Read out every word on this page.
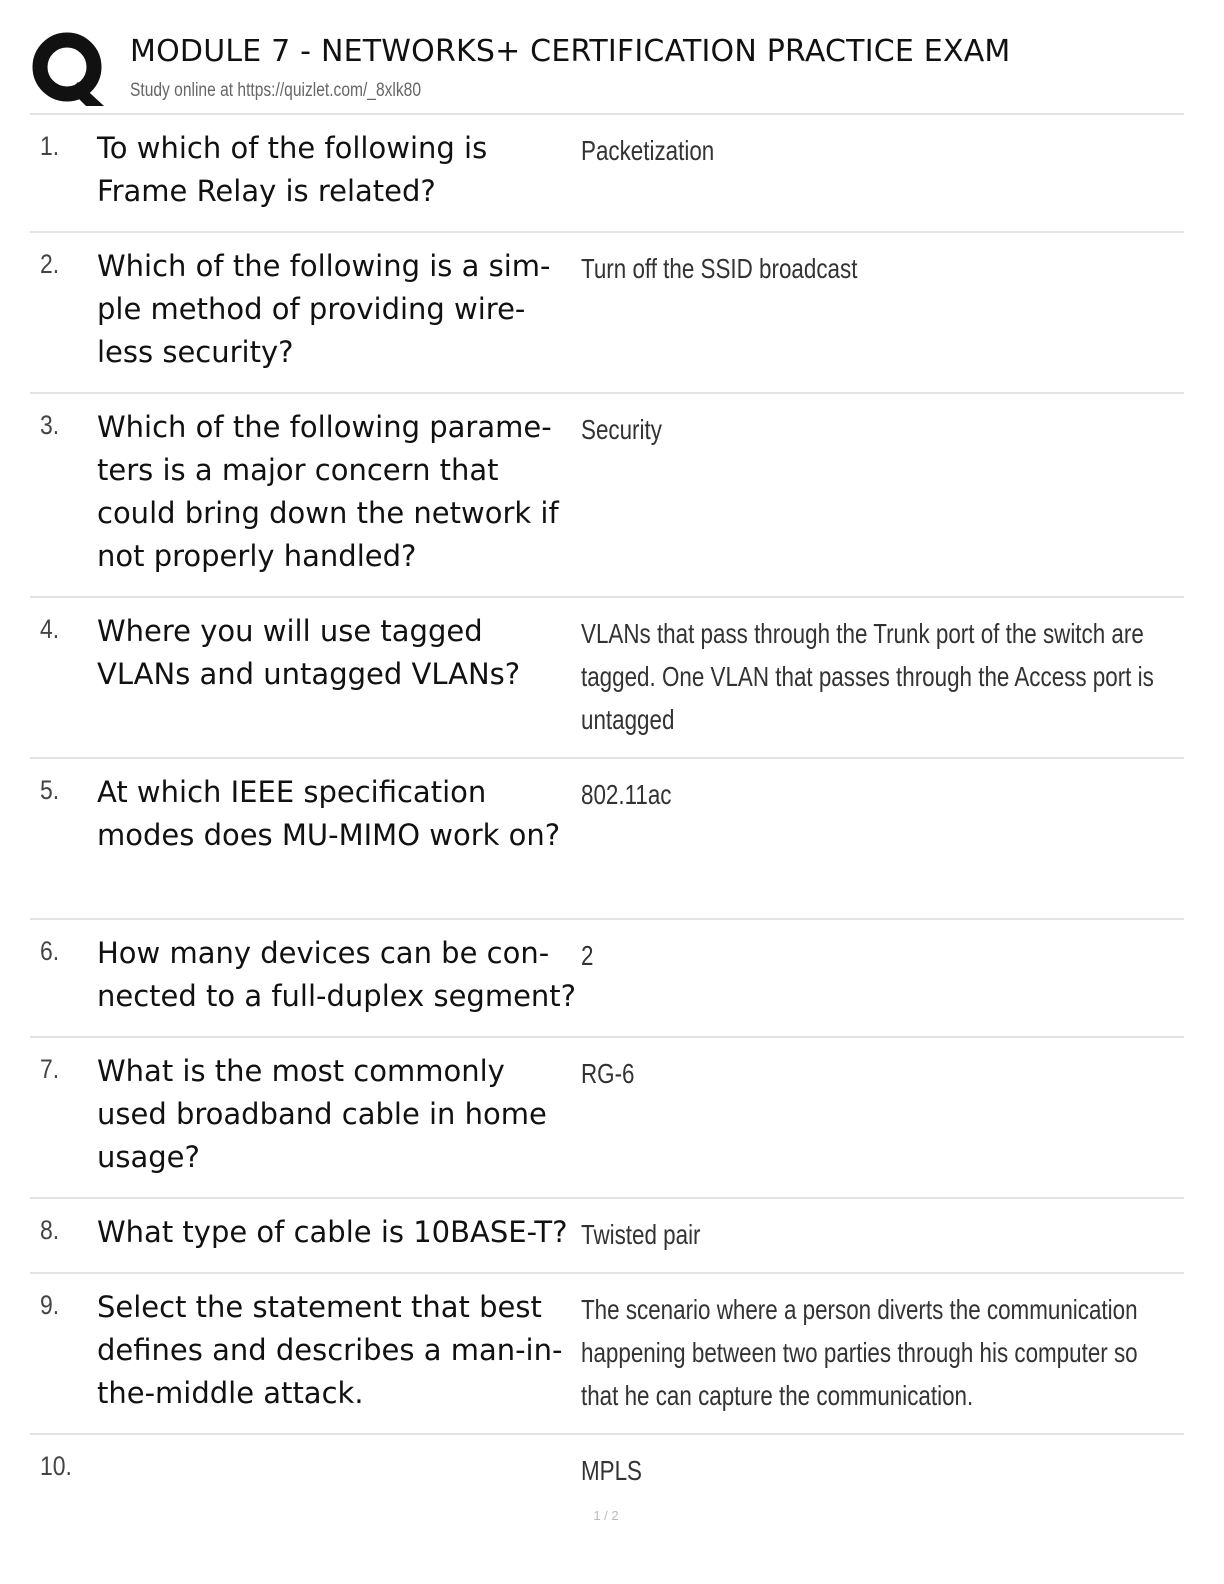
MODULE 7 - NETWORKS+ CERTIFICATION PRACTICE EXAM
Study online at https://quizlet.com/_8xlk80
1. To which of the following is Frame Relay is related?
Packetization
2. Which of the following is a sim-ple method of providing wire-less security?
Turn off the SSID broadcast
3. Which of the following parame-ters is a major concern that could bring down the network if not properly handled?
Security
4. Where you will use tagged VLANs and untagged VLANs?
VLANs that pass through the Trunk port of the switch are tagged. One VLAN that passes through the Access port is untagged
5. At which IEEE specification modes does MU-MIMO work on?
802.11ac
6. How many devices can be con-nected to a full-duplex segment?
2
7. What is the most commonly used broadband cable in home usage?
RG-6
8. What type of cable is 10BASE-T? Twisted pair
9. Select the statement that best defines and describes a man-in-the-middle attack.
The scenario where a person diverts the communication happening between two parties through his computer so that he can capture the communication.
10.	MPLS
1 / 2
